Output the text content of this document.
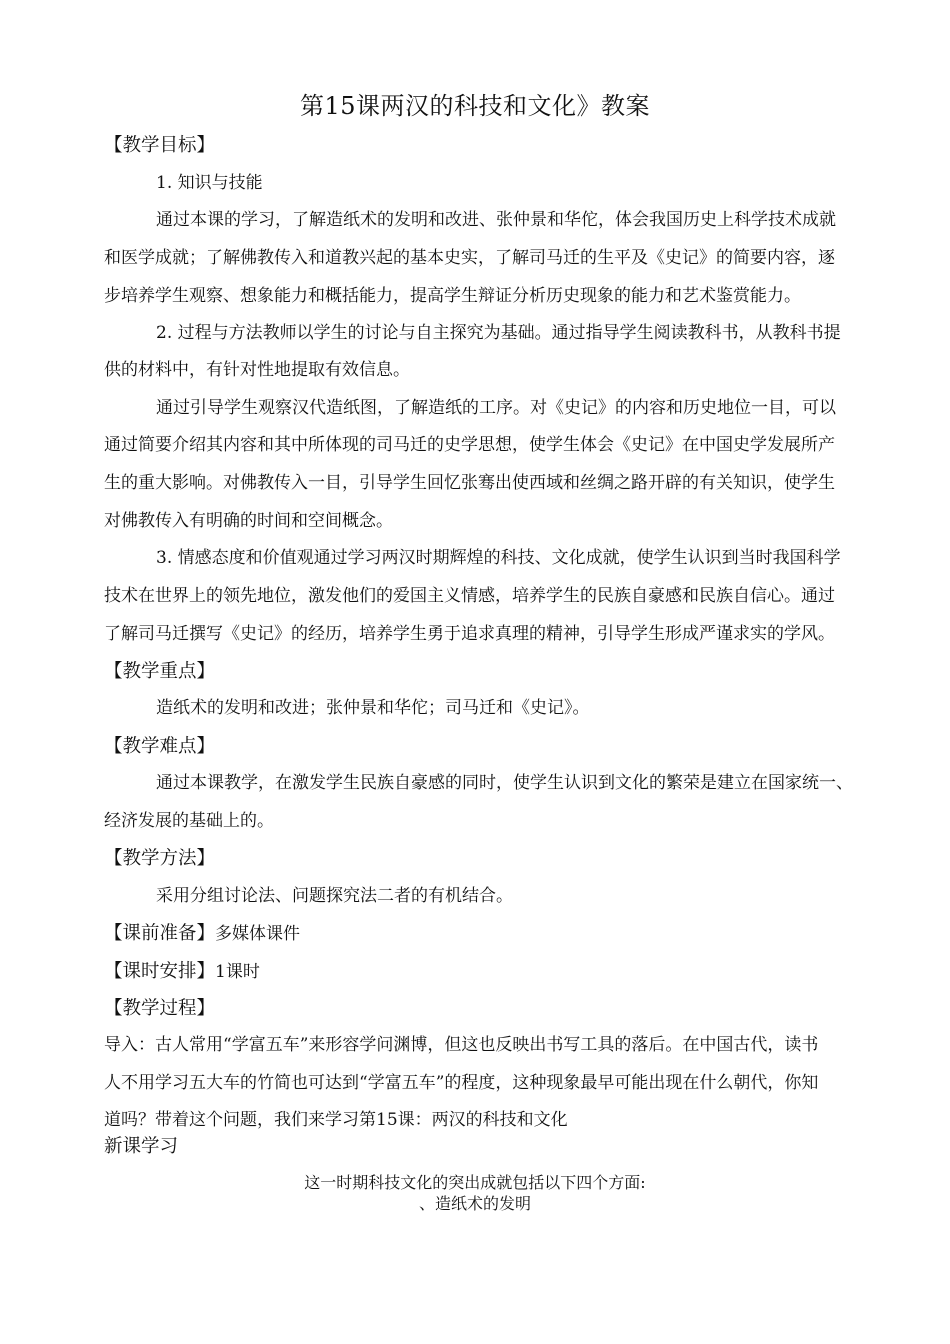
第15课两汉的科技和文化》教案
【教学目标】
1. 知识与技能
通过本课的学习，了解造纸术的发明和改进、张仲景和华佗，体会我国历史上科学技术成就
和医学成就；了解佛教传入和道教兴起的基本史实，了解司马迁的生平及《史记》的简要内容，逐
步培养学生观察、想象能力和概括能力，提高学生辩证分析历史现象的能力和艺术鉴赏能力。
2. 过程与方法教师以学生的讨论与自主探究为基础。通过指导学生阅读教科书，从教科书提
供的材料中，有针对性地提取有效信息。
通过引导学生观察汉代造纸图，了解造纸的工序。对《史记》的内容和历史地位一目，可以
通过简要介绍其内容和其中所体现的司马迁的史学思想，使学生体会《史记》在中国史学发展所产
生的重大影响。对佛教传入一目，引导学生回忆张骞出使西域和丝绸之路开辟的有关知识，使学生
对佛教传入有明确的时间和空间概念。
3. 情感态度和价值观通过学习两汉时期辉煌的科技、文化成就，使学生认识到当时我国科学
技术在世界上的领先地位，激发他们的爱国主义情感，培养学生的民族自豪感和民族自信心。通过
了解司马迁撰写《史记》的经历，培养学生勇于追求真理的精神，引导学生形成严谨求实的学风。
【教学重点】
造纸术的发明和改进；张仲景和华佗；司马迁和《史记》。
【教学难点】
通过本课教学，在激发学生民族自豪感的同时，使学生认识到文化的繁荣是建立在国家统一、
经济发展的基础上的。
【教学方法】
采用分组讨论法、问题探究法二者的有机结合。
【课前准备】多媒体课件
【课时安排】1课时
【教学过程】
导入：古人常用“学富五车”来形容学问渊博，但这也反映出书写工具的落后。在中国古代，读书
人不用学习五大车的竹简也可达到“学富五车”的程度，这种现象最早可能出现在什么朝代，你知
道吗？带着这个问题，我们来学习第15课：两汉的科技和文化
新课学习
这一时期科技文化的突出成就包括以下四个方面:
、造纸术的发明
